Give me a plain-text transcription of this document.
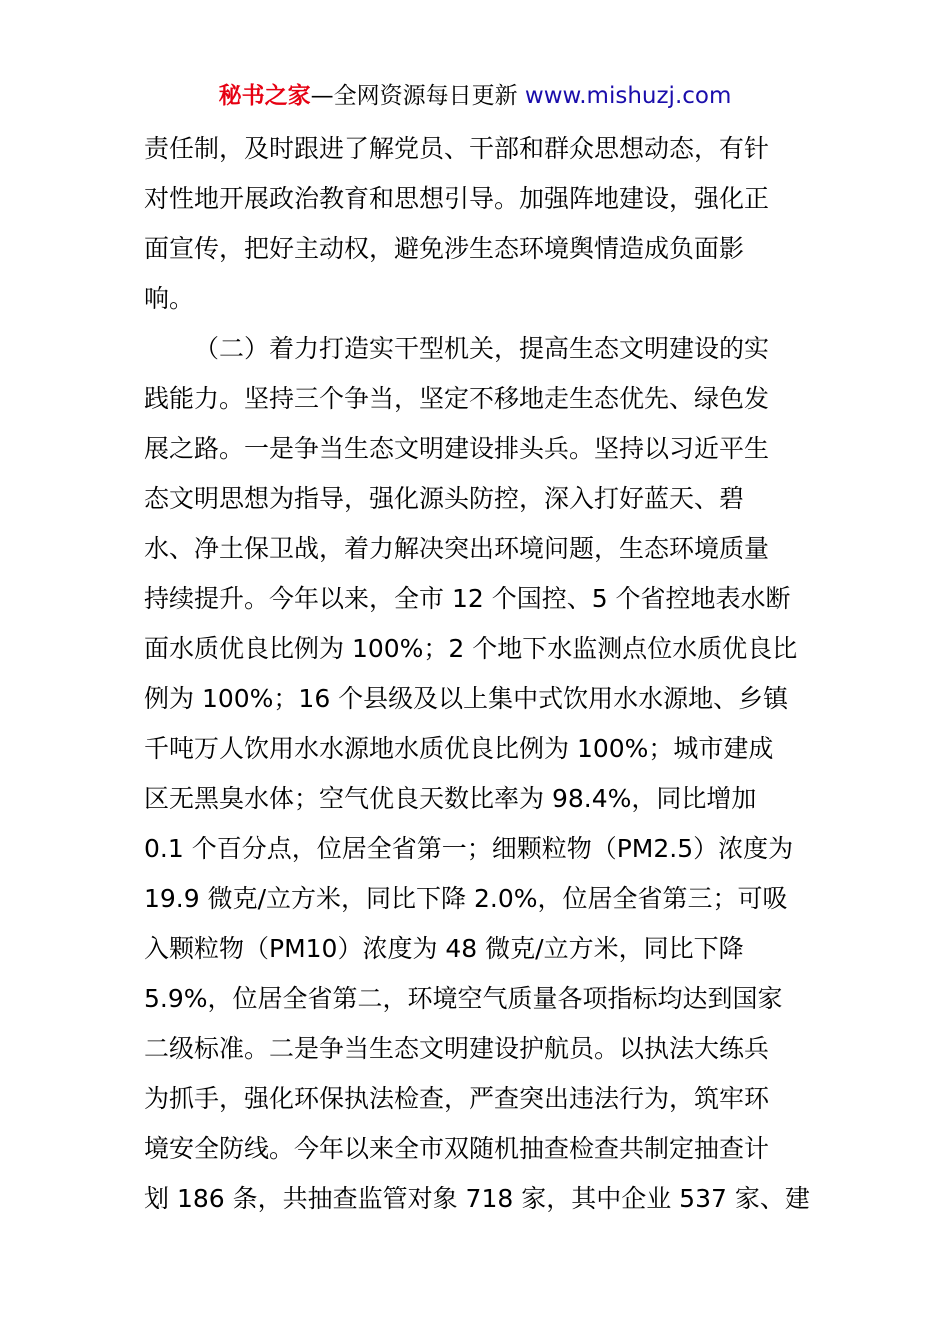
秘书之家—全网资源每日更新 www.mishuzj.com
责任制，及时跟进了解党员、干部和群众思想动态，有针
对性地开展政治教育和思想引导。加强阵地建设，强化正
面宣传，把好主动权，避免涉生态环境舆情造成负面影
响。
（二）着力打造实干型机关，提高生态文明建设的实
践能力。坚持三个争当，坚定不移地走生态优先、绿色发
展之路。一是争当生态文明建设排头兵。坚持以习近平生
态文明思想为指导，强化源头防控，深入打好蓝天、碧
水、净土保卫战，着力解决突出环境问题，生态环境质量
持续提升。今年以来，全市 12 个国控、5 个省控地表水断
面水质优良比例为 100%；2 个地下水监测点位水质优良比
例为 100%；16 个县级及以上集中式饮用水水源地、乡镇
千吨万人饮用水水源地水质优良比例为 100%；城市建成
区无黑臭水体；空气优良天数比率为 98.4%，同比增加
0.1 个百分点，位居全省第一；细颗粒物（PM2.5）浓度为
19.9 微克/立方米，同比下降 2.0%，位居全省第三；可吸
入颗粒物（PM10）浓度为 48 微克/立方米，同比下降
5.9%，位居全省第二，环境空气质量各项指标均达到国家
二级标准。二是争当生态文明建设护航员。以执法大练兵
为抓手，强化环保执法检查，严查突出违法行为，筑牢环
境安全防线。今年以来全市双随机抽查检查共制定抽查计
划 186 条，共抽查监管对象 718 家，其中企业 537 家、建
